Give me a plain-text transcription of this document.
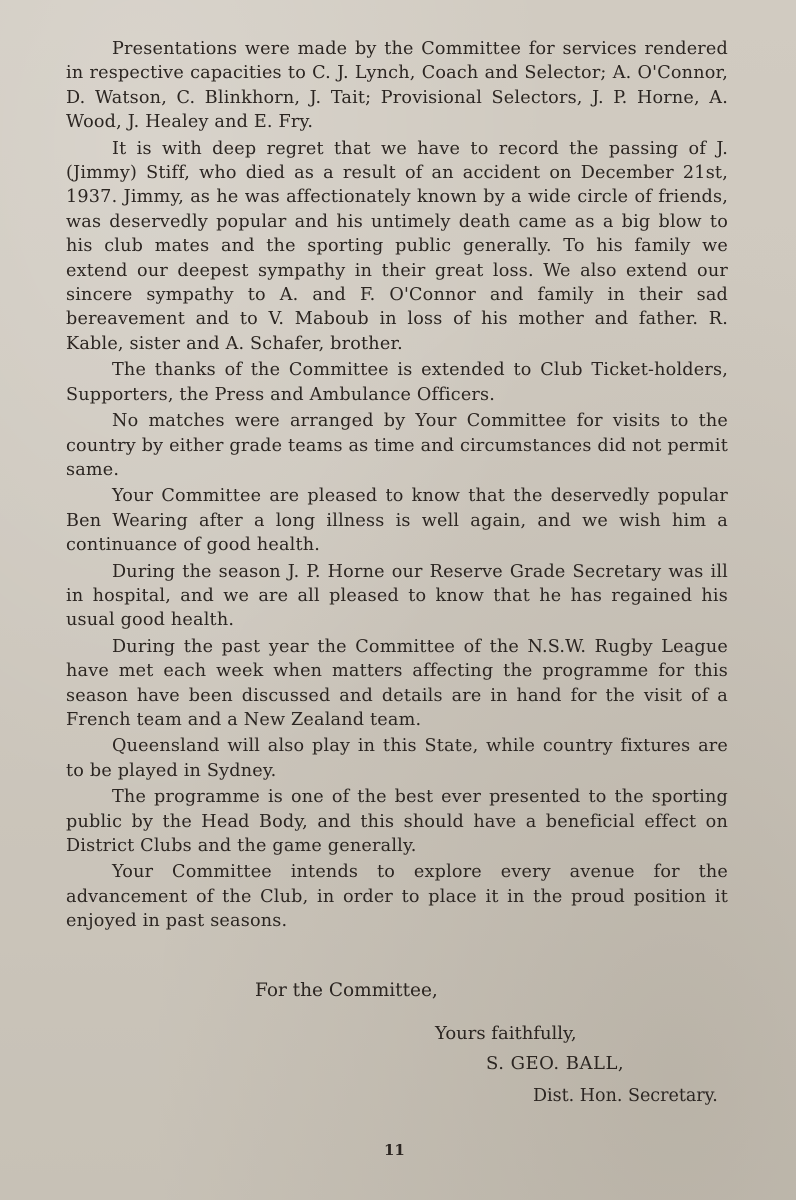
Presentations were made by the Committee for services rendered in respective capacities to C. J. Lynch, Coach and Selector; A. O'Connor, D. Watson, C. Blinkhorn, J. Tait; Provisional Selectors, J. P. Horne, A. Wood, J. Healey and E. Fry.

It is with deep regret that we have to record the passing of J. (Jimmy) Stiff, who died as a result of an accident on December 21st, 1937. Jimmy, as he was affectionately known by a wide circle of friends, was deservedly popular and his untimely death came as a big blow to his club mates and the sporting public generally. To his family we extend our deepest sympathy in their great loss. We also extend our sincere sympathy to A. and F. O'Connor and family in their sad bereavement and to V. Maboub in loss of his mother and father. R. Kable, sister and A. Schafer, brother.

The thanks of the Committee is extended to Club Ticket-holders, Supporters, the Press and Ambulance Officers.

No matches were arranged by Your Committee for visits to the country by either grade teams as time and circumstances did not permit same.

Your Committee are pleased to know that the deservedly popular Ben Wearing after a long illness is well again, and we wish him a continuance of good health.

During the season J. P. Horne our Reserve Grade Secretary was ill in hospital, and we are all pleased to know that he has regained his usual good health.

During the past year the Committee of the N.S.W. Rugby League have met each week when matters affecting the programme for this season have been discussed and details are in hand for the visit of a French team and a New Zealand team.

Queensland will also play in this State, while country fixtures are to be played in Sydney.

The programme is one of the best ever presented to the sporting public by the Head Body, and this should have a beneficial effect on District Clubs and the game generally.

Your Committee intends to explore every avenue for the advancement of the Club, in order to place it in the proud position it enjoyed in past seasons.

For the Committee,
Yours faithfully,
S. GEO. BALL,
Dist. Hon. Secretary.
11
